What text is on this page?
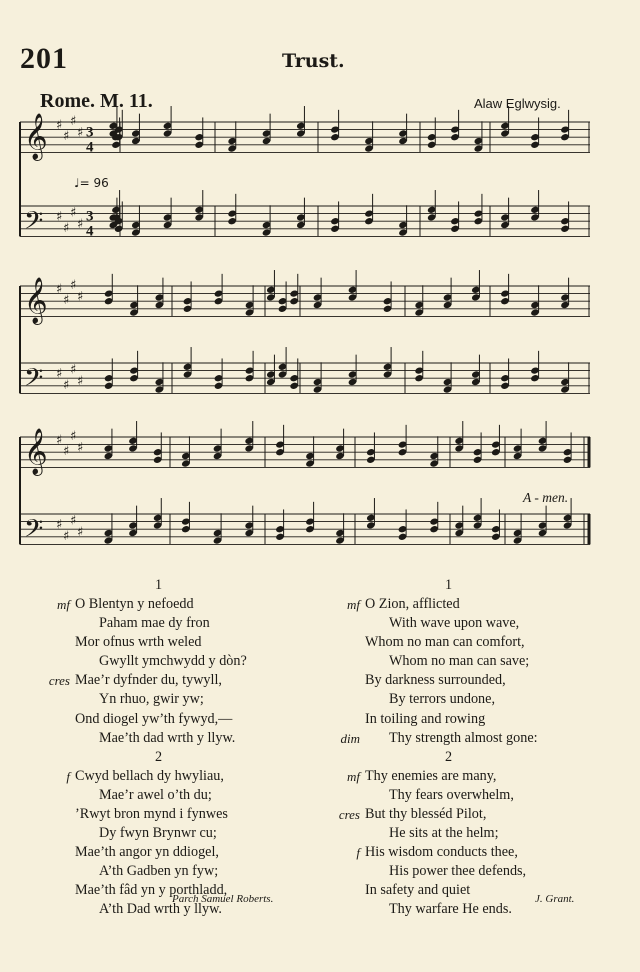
201	Trust.
Rome. M. 11.	Alaw Eglwysig.
𝄞 ♯
♯
♯
♯ 3
4
𝄢 ♯
♯
♯
♯
3
4
𝄞 ♯
♯
♯
♯
𝄢 ♯
♯
♯
♯
𝄞 ♯
♯
♯
♯
𝄢 ♯
♯
♯
♯
♩= 96
A - men.
1
mf O Blentyn y nefoedd
Paham mae dy fron
Mor ofnus wrth weled
Gwyllt ymchwydd y dòn?
cres Mae’r dyfnder du, tywyll,
Yn rhuo, gwir yw;
Ond diogel yw’th fywyd,—
Mae’th dad wrth y llyw.
2
f Cwyd bellach dy hwyliau,
Mae’r awel o’th du;
’Rwyt bron mynd i fynwes
Dy fwyn Brynwr cu;
Mae’th angor yn ddiogel,
A’th Gadben yn fyw;
Mae’th fâd yn y porthladd,
A’th Dad wrth y llyw.
1
mf O Zion, afflicted
With wave upon wave,
Whom no man can comfort,
Whom no man can save;
By darkness surrounded,
By terrors undone,
In toiling and rowing
dim Thy strength almost gone:
2
mf Thy enemies are many,
Thy fears overwhelm,
cres But thy blesséd Pilot,
He sits at the helm;
f His wisdom conducts thee,
His power thee defends,
In safety and quiet
Thy warfare He ends.
Parch Samuel Roberts.	J. Grant.
